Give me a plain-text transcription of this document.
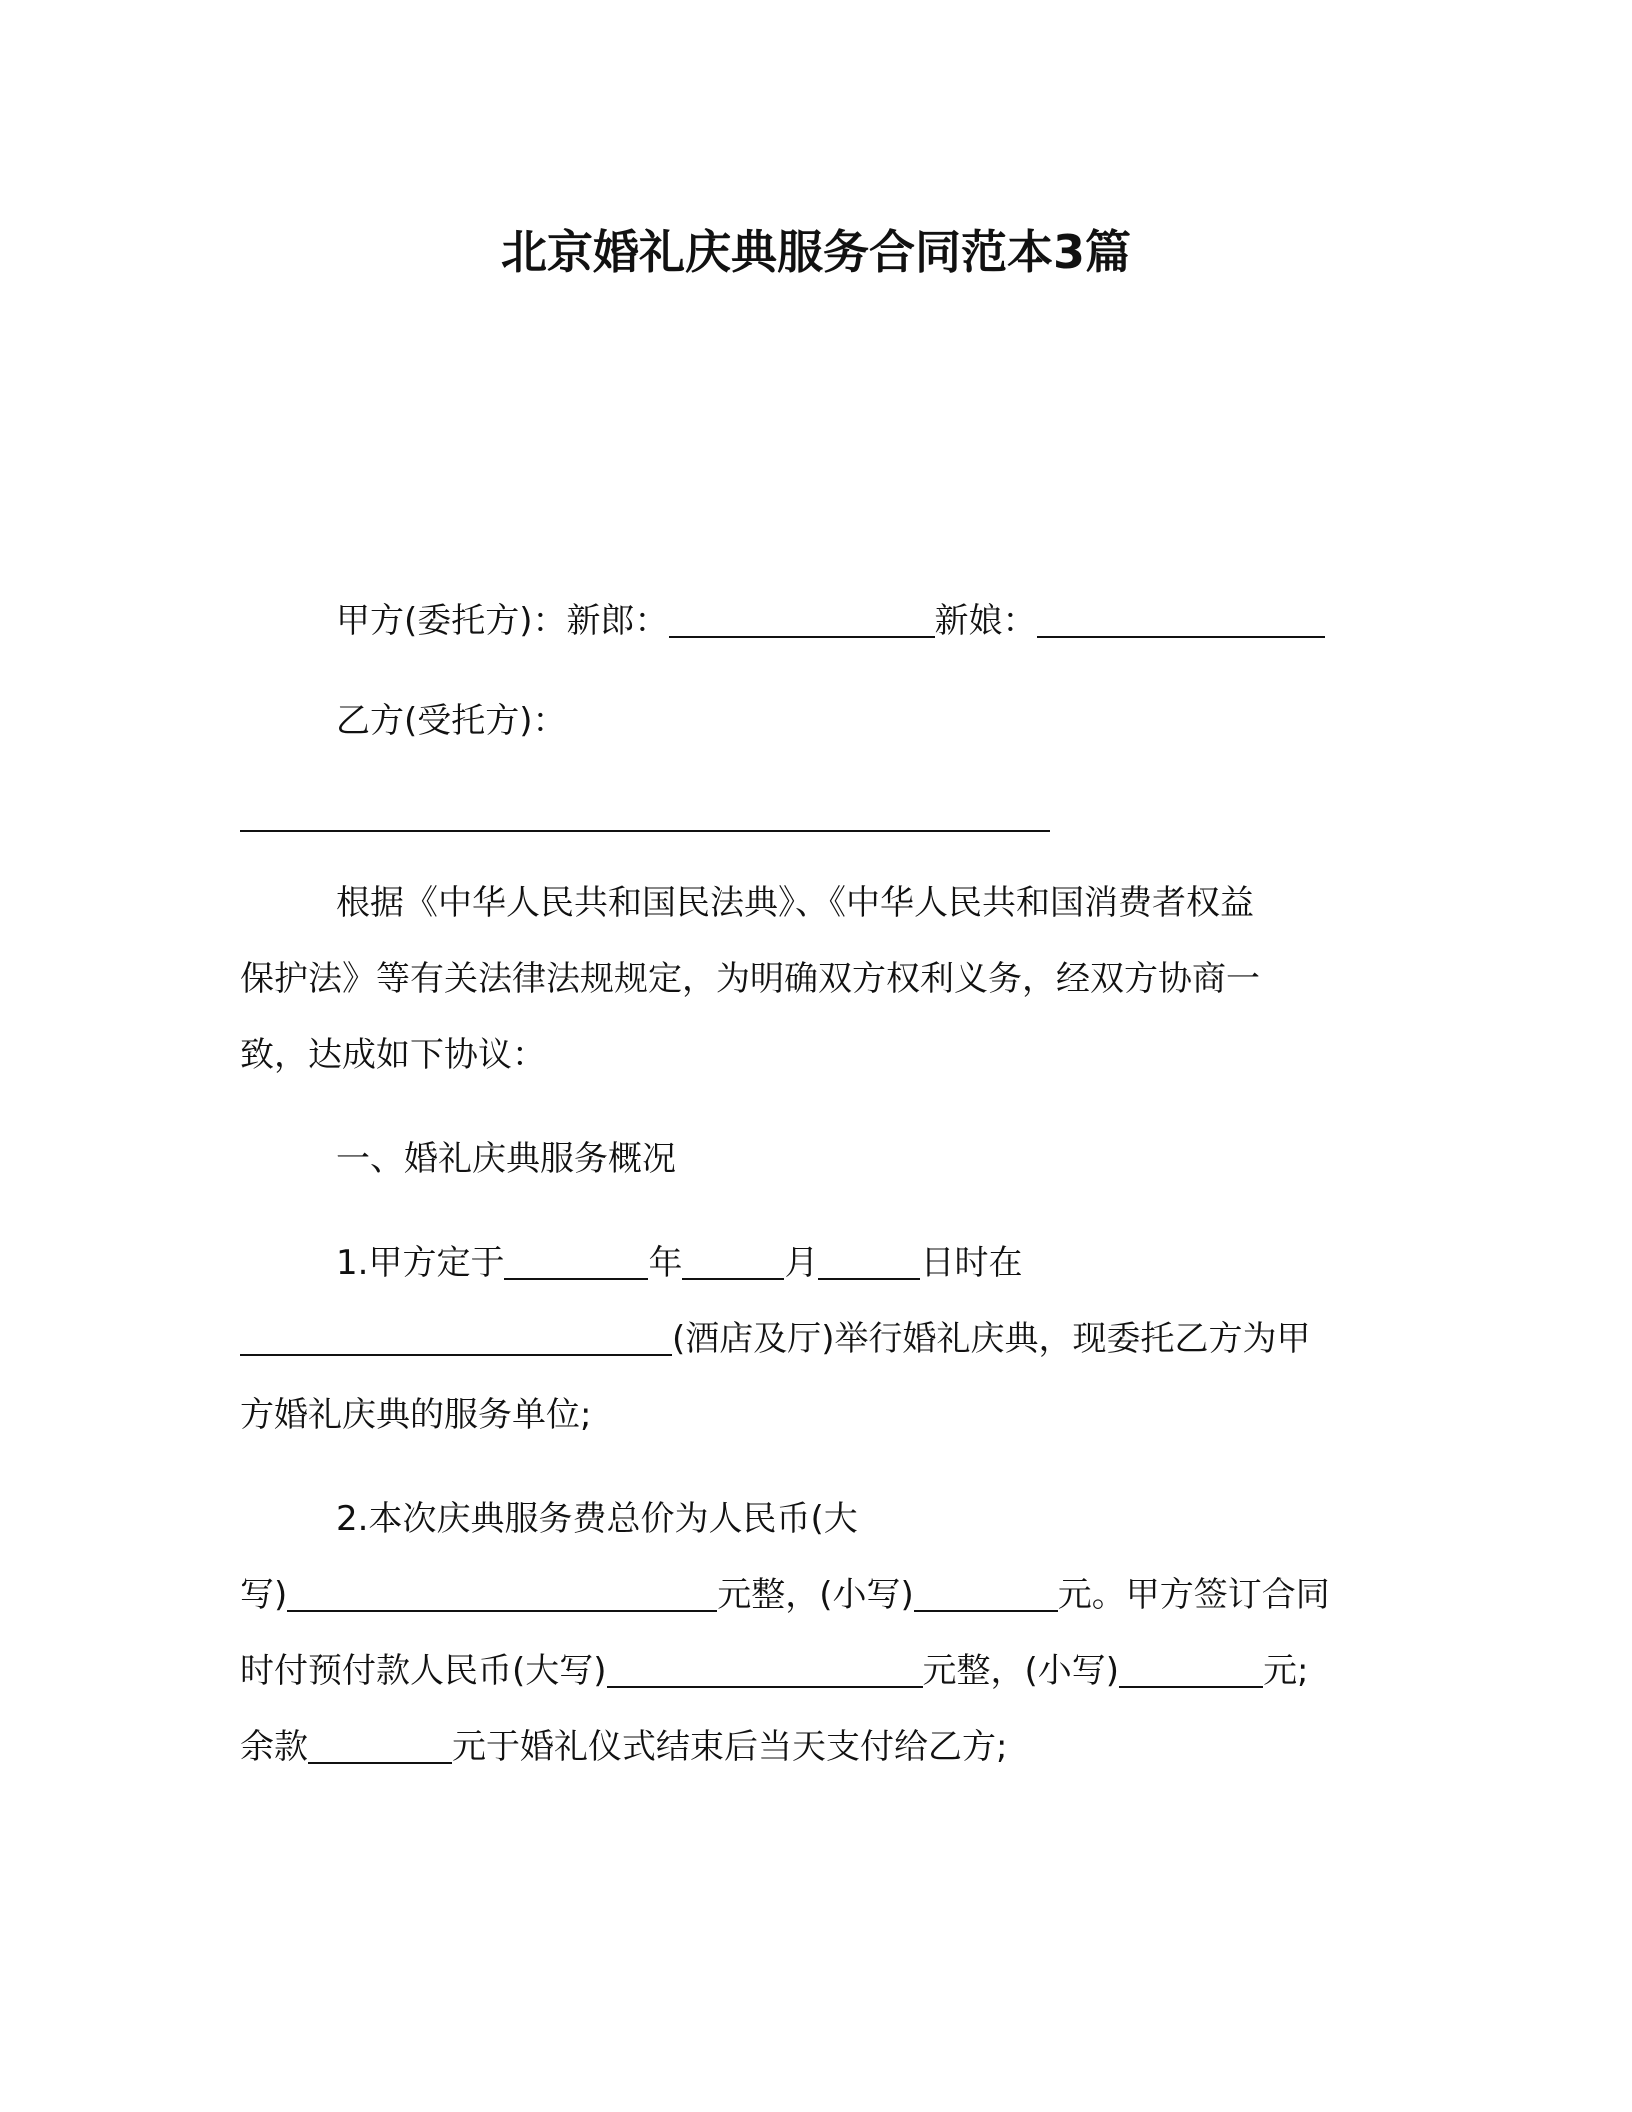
北京婚礼庆典服务合同范本3篇
甲方(委托方)：新郎：	新娘：
乙方(受托方)：
根据《中华人民共和国民法典》、《中华人民共和国消费者权益
保护法》等有关法律法规规定，为明确双方权利义务，经双方协商一
致，达成如下协议：
一、婚礼庆典服务概况
1.甲方定于	年	月	日时在
(酒店及厅)举行婚礼庆典，现委托乙方为甲
方婚礼庆典的服务单位;
2.本次庆典服务费总价为人民币(大
写)	元整，(小写)	元。甲方签订合同
时付预付款人民币(大写)	元整，(小写)	元;
余款	元于婚礼仪式结束后当天支付给乙方;
